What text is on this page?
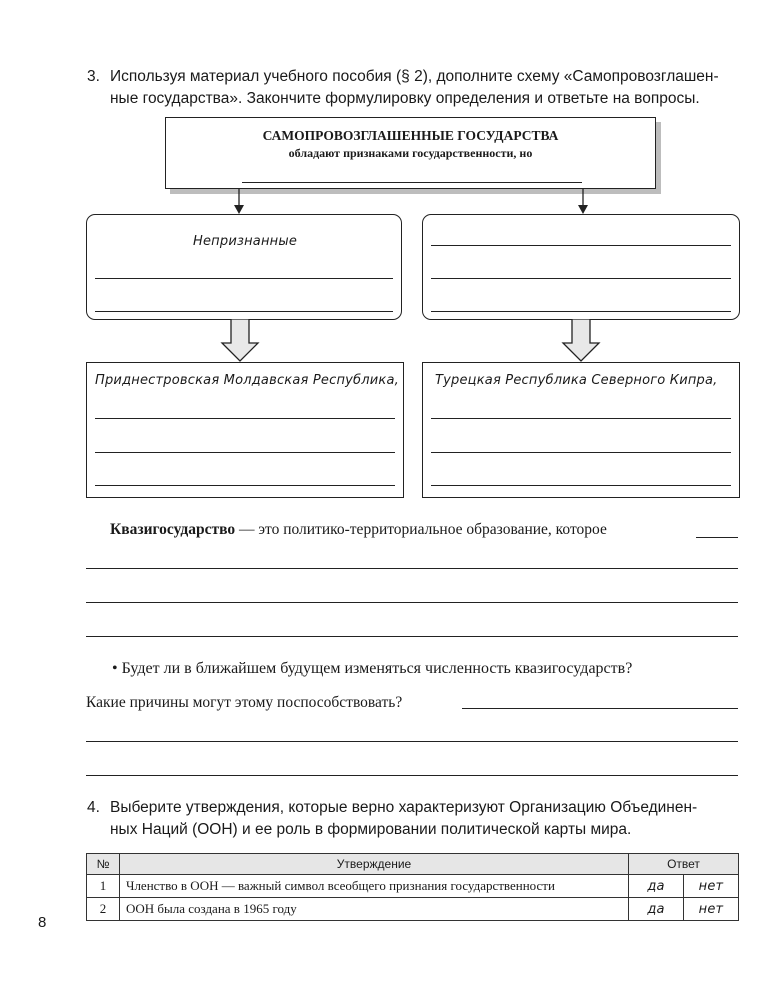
3. Используя материал учебного пособия (§ 2), дополните схему «Самопровозглашен-ные государства». Закончите формулировку определения и ответьте на вопросы.
САМОПРОВОЗГЛАШЕННЫЕ ГОСУДАРСТВА
обладают признаками государственности, но
Непризнанные
Приднестровская Молдавская Республика,	Турецкая Республика Северного Кипра,
Квазигосударство — это политико-территориальное образование, которое
• Будет ли в ближайшем будущем изменяться численность квазигосударств?
Какие причины могут этому поспособствовать?
4. Выберите утверждения, которые верно характеризуют Организацию Объединен-
ных Наций (ООН) и ее роль в формировании политической карты мира.
№	Утверждение	Ответ	
1	Членство в ООН — важный символ всеобщего признания государственности	да	нет
2	ООН была создана в 1965 году	да	нет
8
